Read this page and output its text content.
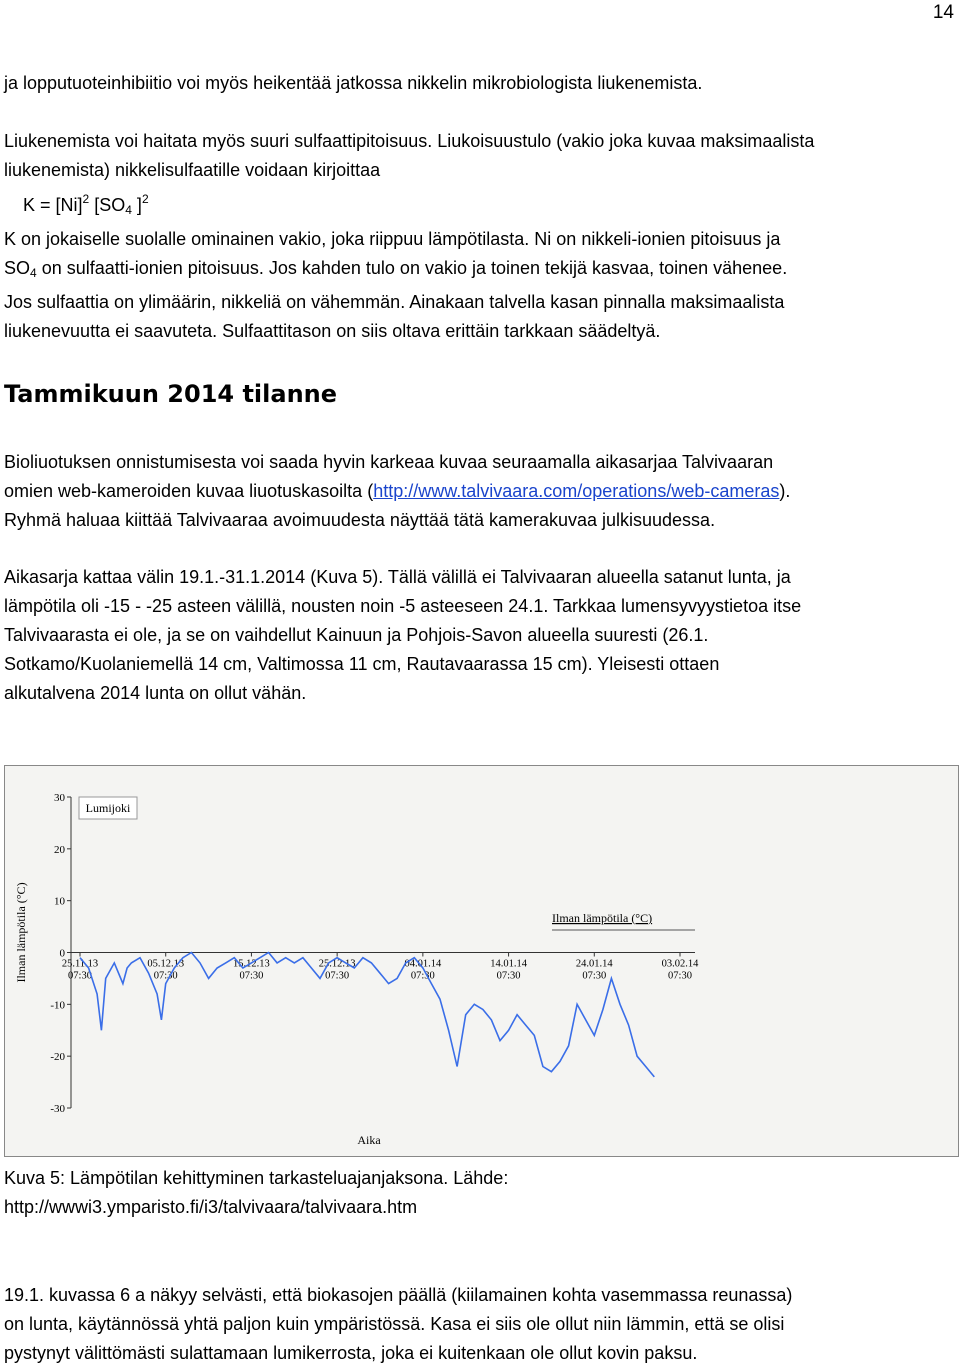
14

ja lopputuoteinhibiitio voi myös heikentää jatkossa nikkelin mikrobiologista liukenemista.

Liukenemista voi haitata myös suuri sulfaattipitoisuus. Liukoisuustulo (vakio joka kuvaa maksimaalista
liukenemista) nikkelisulfaatille voidaan kirjoittaa
$K = [Ni]^2$ [$SO_4$ ]$^2$
K on jokaiselle suolalle ominainen vakio, joka riippuu lämpötilasta. Ni on nikkeli-ionien pitoisuus ja
$SO_4$ on sulfaatti-ionien pitoisuus. Jos kahden tulo on vakio ja toinen tekijä kasvaa, toinen vähenee.
Jos sulfaattia on ylimäärin, nikkeliä on vähemmän. Ainakaan talvella kasan pinnalla maksimaalista
liukenevuutta ei saavuteta. Sulfaattitason on siis oltava erittäin tarkkaan säädeltyä.

Tammikuun 2014 tilanne

Bioliuotuksen onnistumisesta voi saada hyvin karkeaa kuvaa seuraamalla aikasarjaa Talvivaaran
omien web-kameroiden kuvaa liuotuskasoilta (http://www.talvivaara.com/operations/web-cameras).
Ryhmä haluaa kiittää Talvivaaraa avoimuudesta näyttää tätä kamerakuvaa julkisuudessa.

Aikasarja kattaa välin 19.1.-31.1.2014 (Kuva 5). Tällä välillä ei Talvivaaran alueella satanut lunta, ja
lämpötila oli -15 - -25 asteen välillä, nousten noin -5 asteeseen 24.1. Tarkkaa lumensyvyystietoa itse
Talvivaarasta ei ole, ja se on vaihdellut Kainuun ja Pohjois-Savon alueella suuresti (26.1.
Sotkamo/Kuolaniemellä 14 cm, Valtimossa 11 cm, Rautavaarassa 15 cm). Yleisesti ottaen
alkutalvena 2014 lunta on ollut vähän.

30
20
10
0
-10
-20
-30
25.11.13
07:30
05.12.13
07:30
15.12.13
07:30
25.12.13
07:30
04.01.14
07:30
14.01.14
07:30
24.01.14
07:30
03.02.14
07:30
Lumijoki
Ilman lämpötila (°C)
Aika
Ilman lämpötila (°C)

Kuva 5: Lämpötilan kehittyminen tarkasteluajanjaksona. Lähde:
http://wwwi3.ymparisto.fi/i3/talvivaara/talvivaara.htm

19.1. kuvassa 6 a näkyy selvästi, että biokasojen päällä (kiilamainen kohta vasemmassa reunassa)
on lunta, käytännössä yhtä paljon kuin ympäristössä. Kasa ei siis ole ollut niin lämmin, että se olisi
pystynyt välittömästi sulattamaan lumikerrosta, joka ei kuitenkaan ole ollut kovin paksu.
